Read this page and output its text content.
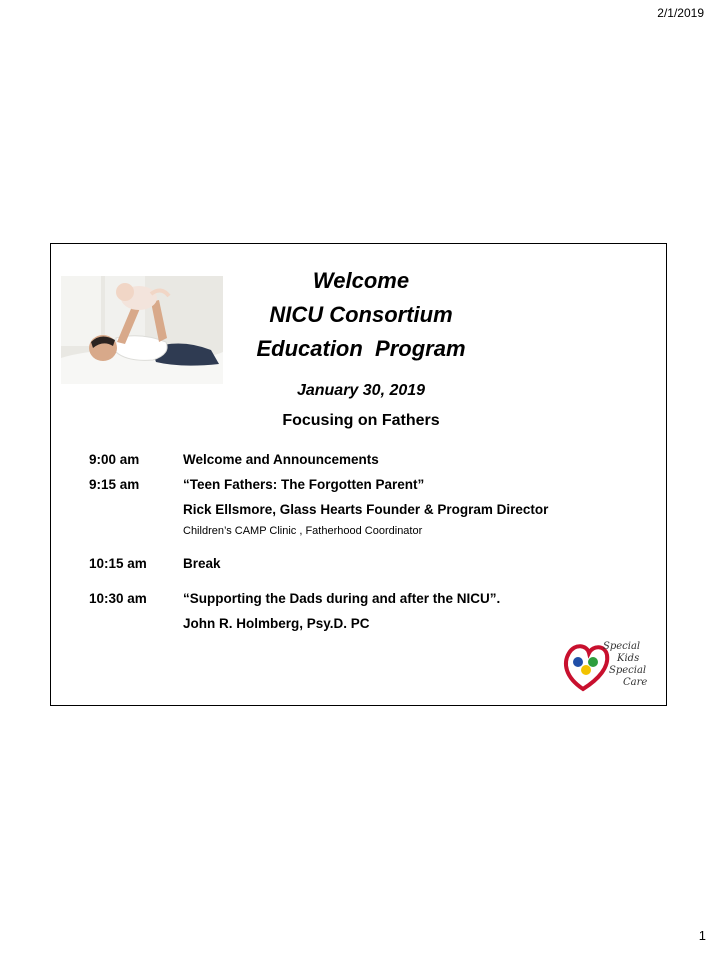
2/1/2019
Welcome
NICU Consortium
Education  Program
January 30, 2019
Focusing on Fathers
9:00 am	Welcome and Announcements
9:15 am	“Teen Fathers: The Forgotten Parent”
Rick Ellsmore, Glass Hearts Founder & Program Director
Children’s CAMP Clinic , Fatherhood Coordinator
10:15 am	Break
10:30 am	“Supporting the Dads during and after the NICU”.
John R. Holmberg, Psy.D. PC
Special
Kids
Special
Care
1
